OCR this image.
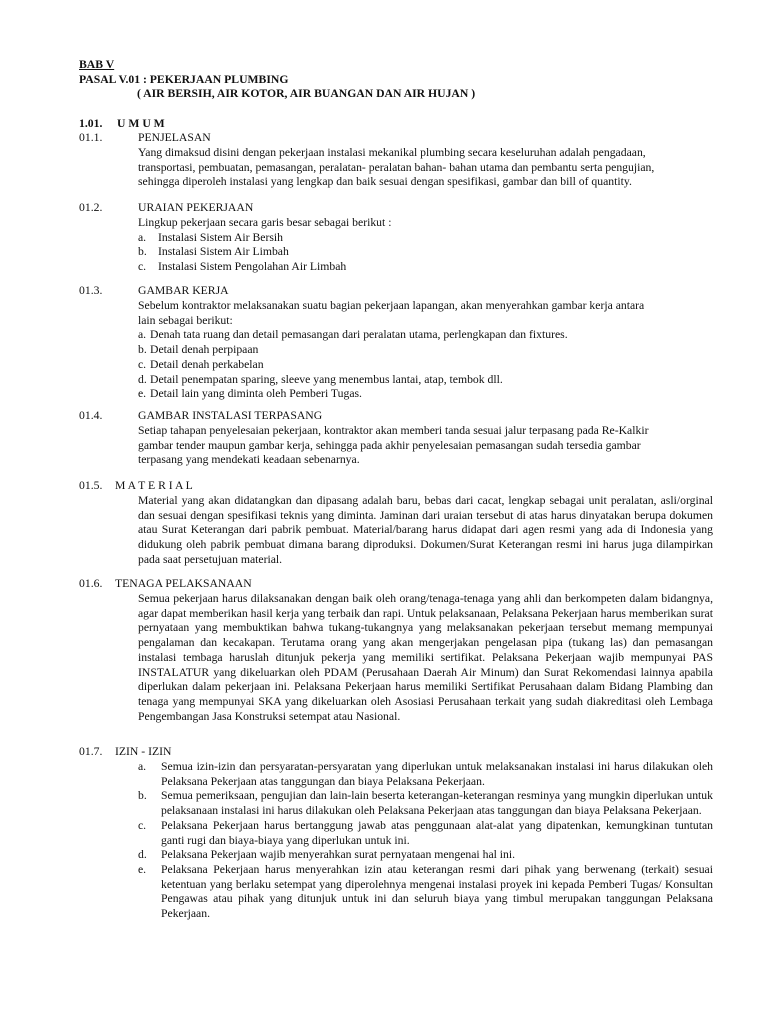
BAB V
PASAL V.01 : PEKERJAAN PLUMBING
( AIR BERSIH, AIR KOTOR, AIR BUANGAN DAN AIR HUJAN )
1.01. U M U M
01.1.	PENJELASAN

Yang dimaksud disini dengan pekerjaan instalasi mekanikal plumbing secara keseluruhan adalah pengadaan,

transportasi, pembuatan, pemasangan, peralatan- peralatan bahan- bahan utama dan pembantu serta pengujian,

sehingga diperoleh instalasi yang lengkap dan baik sesuai dengan spesifikasi, gambar dan bill of quantity.

01.2.	URAIAN PEKERJAAN

Lingkup pekerjaan secara garis besar sebagai berikut :

a.	Instalasi Sistem Air Bersih
b. Instalasi Sistem Air Limbah
c.	Instalasi Sistem Pengolahan Air Limbah
01.3.	GAMBAR KERJA

Sebelum kontraktor melaksanakan suatu bagian pekerjaan lapangan, akan menyerahkan gambar kerja antara

lain sebagai berikut:

a. Denah tata ruang dan detail pemasangan dari peralatan utama, perlengkapan dan fixtures.
b. Detail denah perpipaan
c. Detail denah perkabelan
d. Detail penempatan sparing, sleeve yang menembus lantai, atap, tembok dll.
e. Detail lain yang diminta oleh Pemberi Tugas.
01.4.	GAMBAR INSTALASI TERPASANG

Setiap tahapan penyelesaian pekerjaan, kontraktor akan memberi tanda sesuai jalur terpasang pada Re-Kalkir

gambar tender maupun gambar kerja, sehingga pada akhir penyelesaian pemasangan sudah tersedia gambar

terpasang yang mendekati keadaan sebenarnya.

01.5. M A T E R I A L

Material yang akan didatangkan dan dipasang adalah baru, bebas dari cacat, lengkap sebagai unit peralatan, asli/orginal dan sesuai dengan spesifikasi teknis yang diminta. Jaminan dari uraian tersebut di atas harus dinyatakan berupa dokumen atau Surat Keterangan dari pabrik pembuat. Material/barang harus didapat dari agen resmi yang ada di Indonesia yang didukung oleh pabrik pembuat dimana barang diproduksi. Dokumen/Surat Keterangan resmi ini harus juga dilampirkan pada saat persetujuan material.

01.6. TENAGA PELAKSANAAN

Semua pekerjaan harus dilaksanakan dengan baik oleh orang/tenaga-tenaga yang ahli dan berkompeten dalam bidangnya, agar dapat memberikan hasil kerja yang terbaik dan rapi. Untuk pelaksanaan, Pelaksana Pekerjaan harus memberikan surat pernyataan yang membuktikan bahwa tukang-tukangnya yang melaksanakan pekerjaan tersebut memang mempunyai pengalaman dan kecakapan. Terutama orang yang akan mengerjakan pengelasan pipa (tukang las) dan pemasangan instalasi tembaga haruslah ditunjuk pekerja yang memiliki sertifikat. Pelaksana Pekerjaan wajib mempunyai PAS INSTALATUR yang dikeluarkan oleh PDAM (Perusahaan Daerah Air Minum) dan Surat Rekomendasi lainnya apabila diperlukan dalam pekerjaan ini. Pelaksana Pekerjaan harus memiliki Sertifikat Perusahaan dalam Bidang Plambing dan tenaga yang mempunyai SKA yang dikeluarkan oleh Asosiasi Perusahaan terkait yang sudah diakreditasi oleh Lembaga Pengembangan Jasa Konstruksi setempat atau Nasional.

01.7. IZIN - IZIN
a.	Semua izin-izin dan persyaratan-persyaratan yang diperlukan untuk melaksanakan instalasi ini harus dilakukan oleh Pelaksana Pekerjaan atas tanggungan dan biaya Pelaksana Pekerjaan.
b.	Semua pemeriksaan, pengujian dan lain-lain beserta keterangan-keterangan resminya yang mungkin diperlukan untuk pelaksanaan instalasi ini harus dilakukan oleh Pelaksana Pekerjaan atas tanggungan dan biaya Pelaksana Pekerjaan.
c.	Pelaksana Pekerjaan harus bertanggung jawab atas penggunaan alat-alat yang dipatenkan, kemungkinan tuntutan ganti rugi dan biaya-biaya yang diperlukan untuk ini.
d.	Pelaksana Pekerjaan wajib menyerahkan surat pernyataan mengenai hal ini.
e.	Pelaksana Pekerjaan harus menyerahkan izin atau keterangan resmi dari pihak yang berwenang (terkait) sesuai ketentuan yang berlaku setempat yang diperolehnya mengenai instalasi proyek ini kepada Pemberi Tugas/ Konsultan Pengawas atau pihak yang ditunjuk untuk ini dan seluruh biaya yang timbul merupakan tanggungan Pelaksana Pekerjaan.
